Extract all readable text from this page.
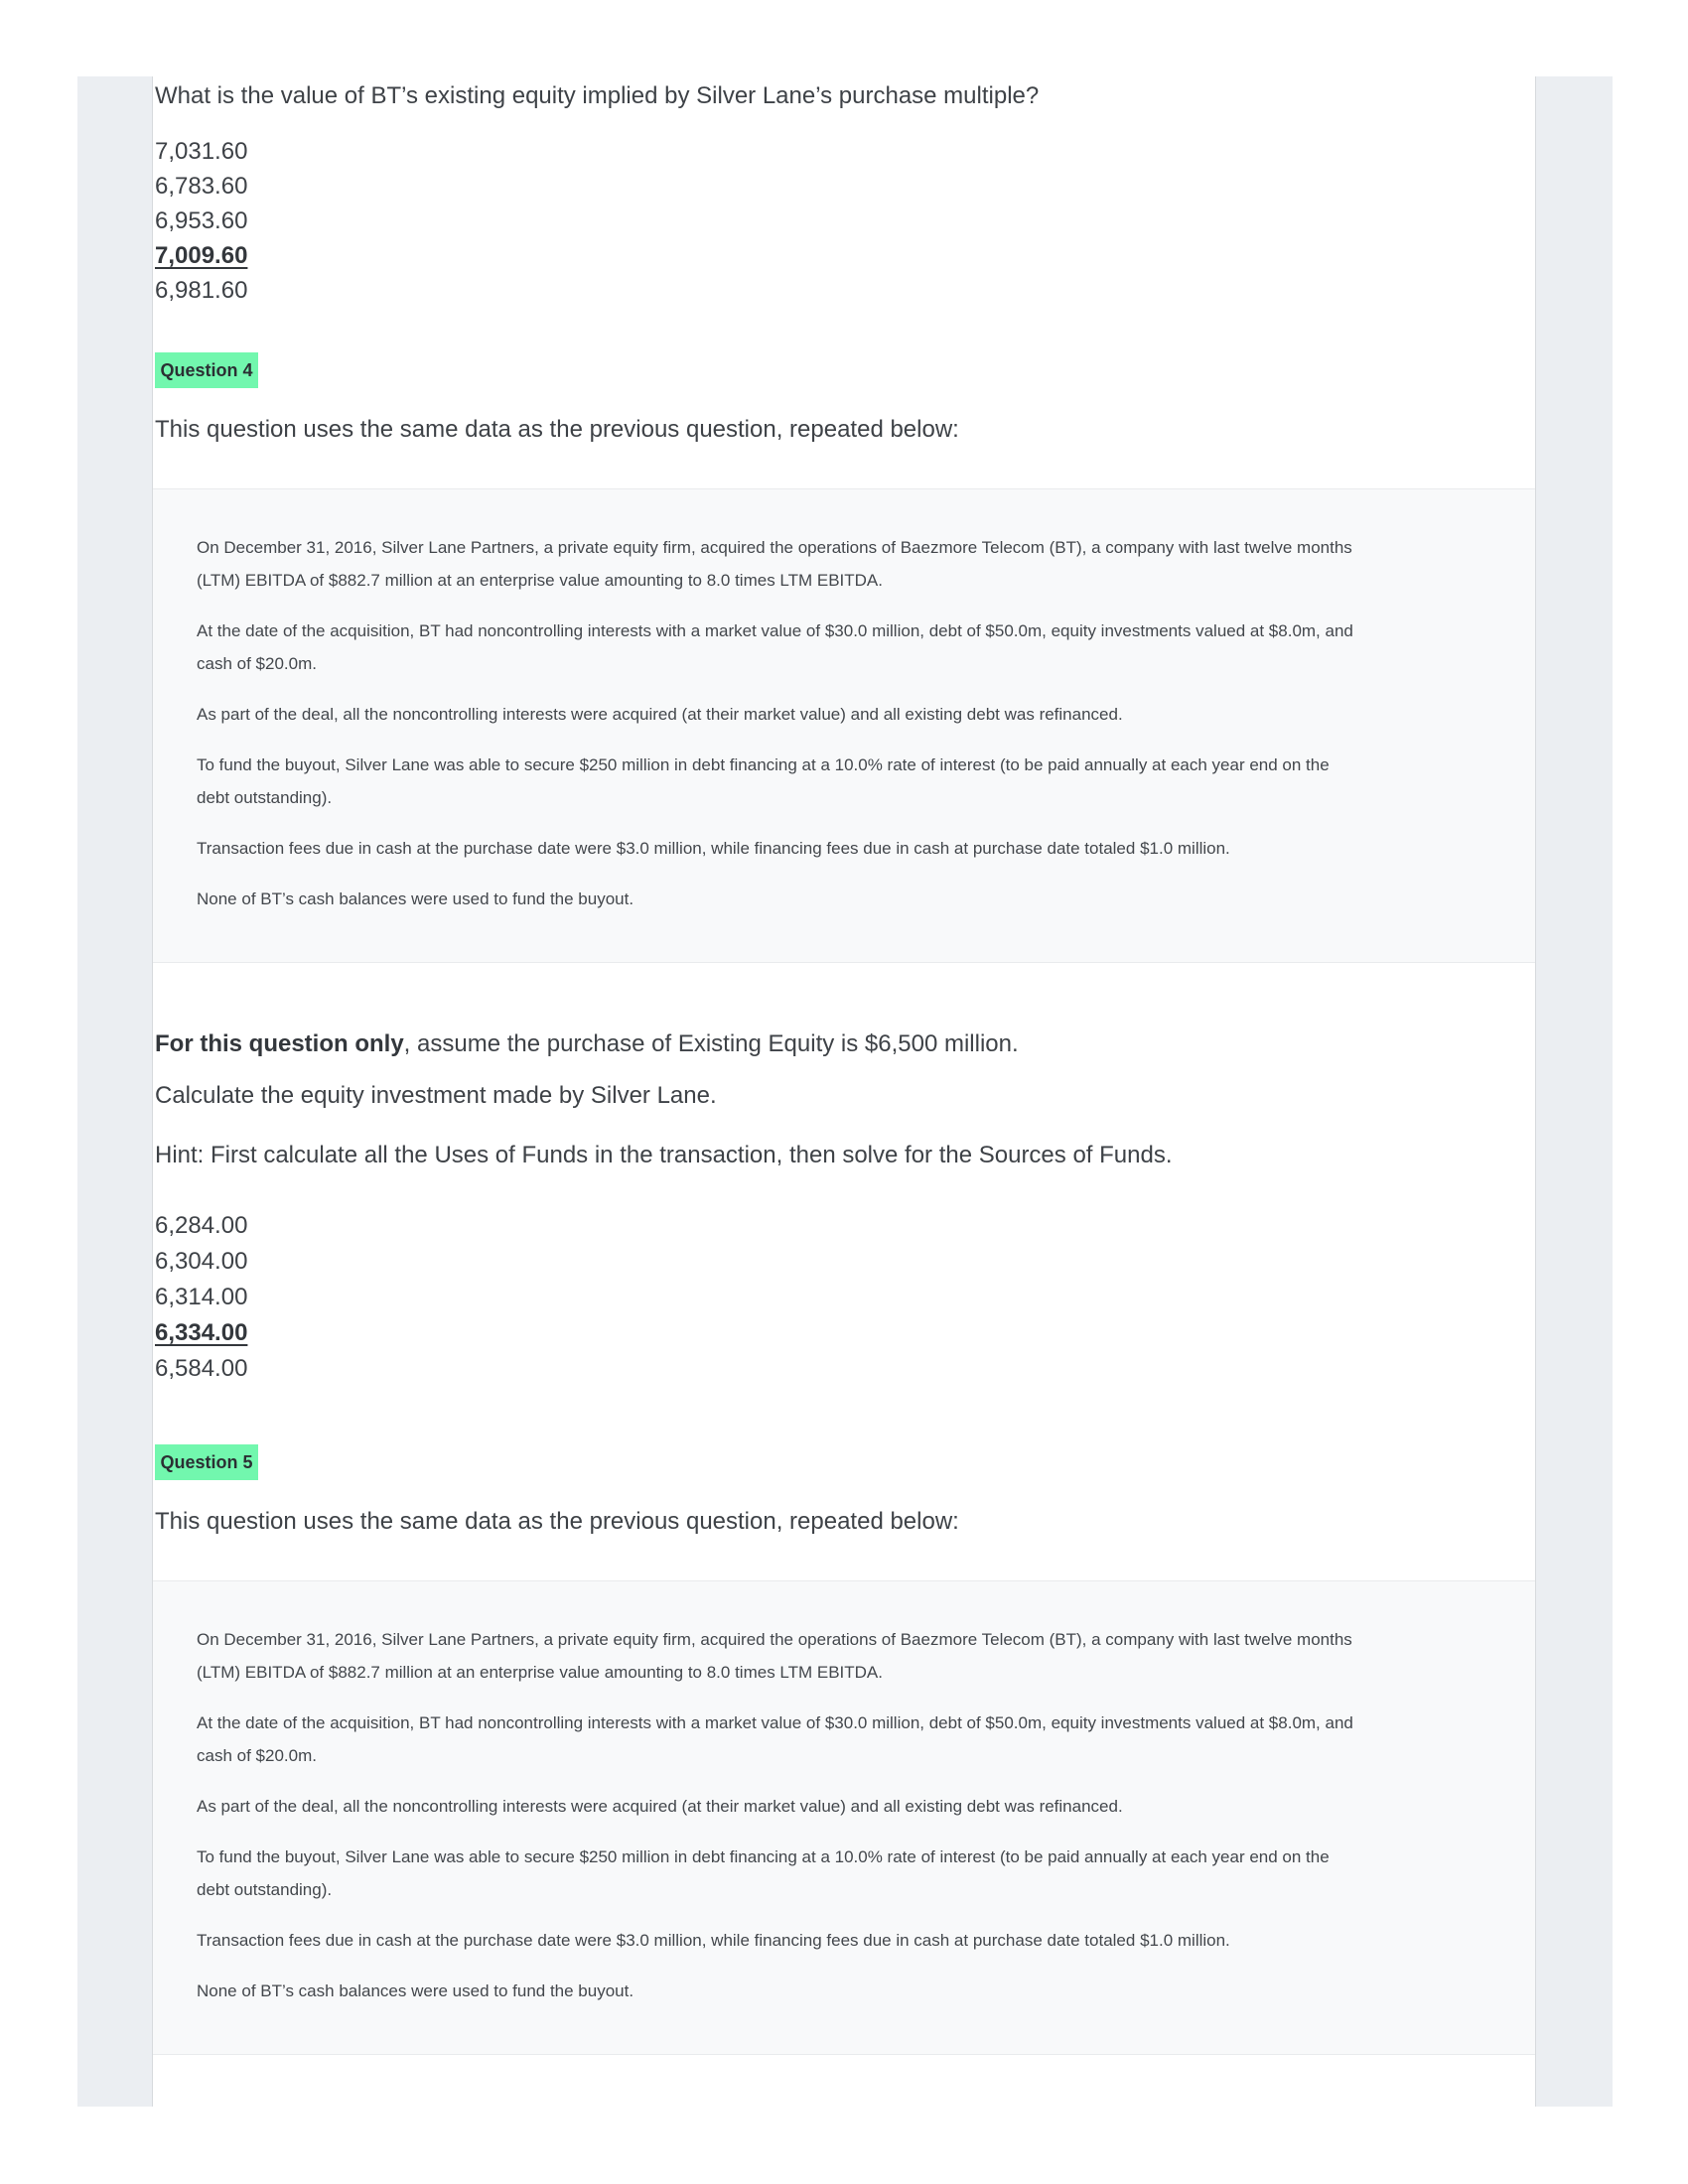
What is the value of BT’s existing equity implied by Silver Lane’s purchase multiple?
7,031.60
6,783.60
6,953.60
7,009.60
6,981.60
Question 4
This question uses the same data as the previous question, repeated below:

On December 31, 2016, Silver Lane Partners, a private equity firm, acquired the operations of Baezmore Telecom (BT), a company with last twelve months (LTM) EBITDA of $882.7 million at an enterprise value amounting to 8.0 times LTM EBITDA.

At the date of the acquisition, BT had noncontrolling interests with a market value of $30.0 million, debt of $50.0m, equity investments valued at $8.0m, and cash of $20.0m.

As part of the deal, all the noncontrolling interests were acquired (at their market value) and all existing debt was refinanced.

To fund the buyout, Silver Lane was able to secure $250 million in debt financing at a 10.0% rate of interest (to be paid annually at each year end on the debt outstanding).

Transaction fees due in cash at the purchase date were $3.0 million, while financing fees due in cash at purchase date totaled $1.0 million.

None of BT’s cash balances were used to fund the buyout.

For this question only, assume the purchase of Existing Equity is $6,500 million.
Calculate the equity investment made by Silver Lane.
Hint: First calculate all the Uses of Funds in the transaction, then solve for the Sources of Funds.
6,284.00
6,304.00
6,314.00
6,334.00
6,584.00
Question 5
This question uses the same data as the previous question, repeated below:

On December 31, 2016, Silver Lane Partners, a private equity firm, acquired the operations of Baezmore Telecom (BT), a company with last twelve months (LTM) EBITDA of $882.7 million at an enterprise value amounting to 8.0 times LTM EBITDA.

At the date of the acquisition, BT had noncontrolling interests with a market value of $30.0 million, debt of $50.0m, equity investments valued at $8.0m, and cash of $20.0m.

As part of the deal, all the noncontrolling interests were acquired (at their market value) and all existing debt was refinanced.

To fund the buyout, Silver Lane was able to secure $250 million in debt financing at a 10.0% rate of interest (to be paid annually at each year end on the debt outstanding).

Transaction fees due in cash at the purchase date were $3.0 million, while financing fees due in cash at purchase date totaled $1.0 million.

None of BT’s cash balances were used to fund the buyout.
